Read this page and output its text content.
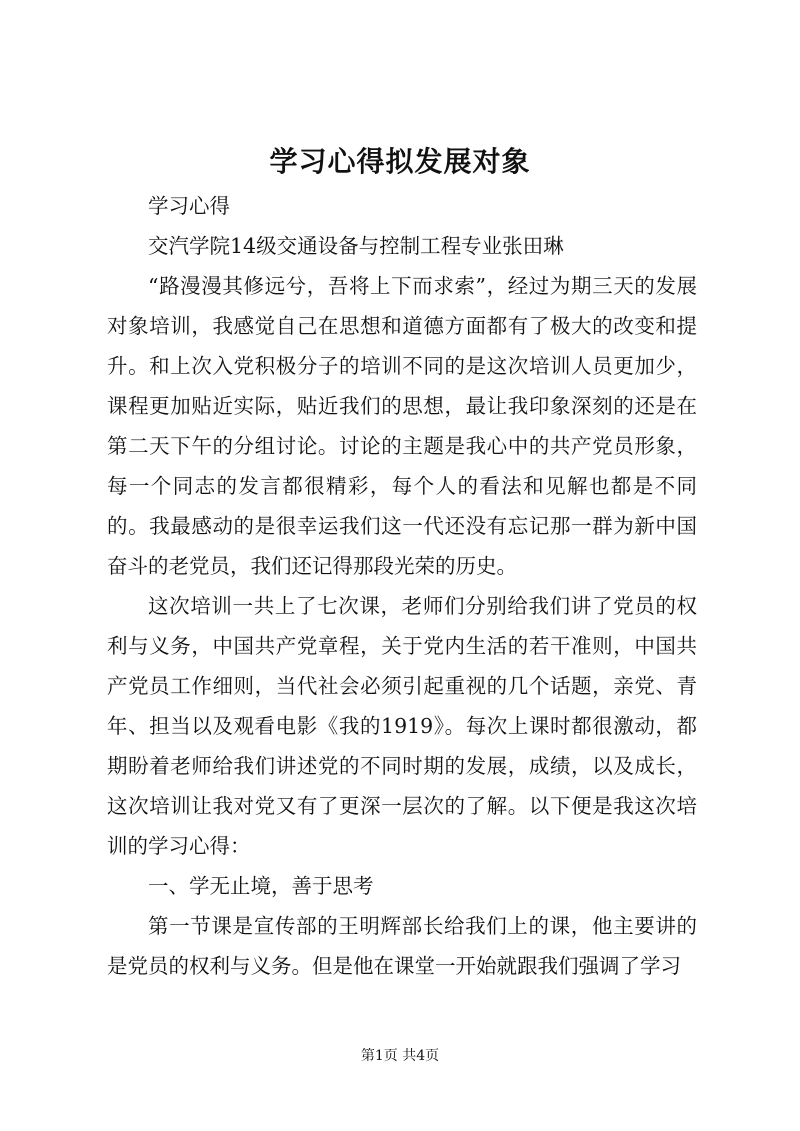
学习心得拟发展对象

学习心得

交汽学院14级交通设备与控制工程专业张田琳

“路漫漫其修远兮，吾将上下而求索”，经过为期三天的发展对象培训，我感觉自己在思想和道德方面都有了极大的改变和提升。和上次入党积极分子的培训不同的是这次培训人员更加少，课程更加贴近实际，贴近我们的思想，最让我印象深刻的还是在第二天下午的分组讨论。讨论的主题是我心中的共产党员形象，每一个同志的发言都很精彩，每个人的看法和见解也都是不同的。我最感动的是很幸运我们这一代还没有忘记那一群为新中国奋斗的老党员，我们还记得那段光荣的历史。

这次培训一共上了七次课，老师们分别给我们讲了党员的权利与义务，中国共产党章程，关于党内生活的若干准则，中国共产党员工作细则，当代社会必须引起重视的几个话题，亲党、青年、担当以及观看电影《我的1919》。每次上课时都很激动，都期盼着老师给我们讲述党的不同时期的发展，成绩，以及成长，这次培训让我对党又有了更深一层次的了解。以下便是我这次培训的学习心得：

一、学无止境，善于思考

第一节课是宣传部的王明辉部长给我们上的课，他主要讲的是党员的权利与义务。但是他在课堂一开始就跟我们强调了学习

第1页 共4页
